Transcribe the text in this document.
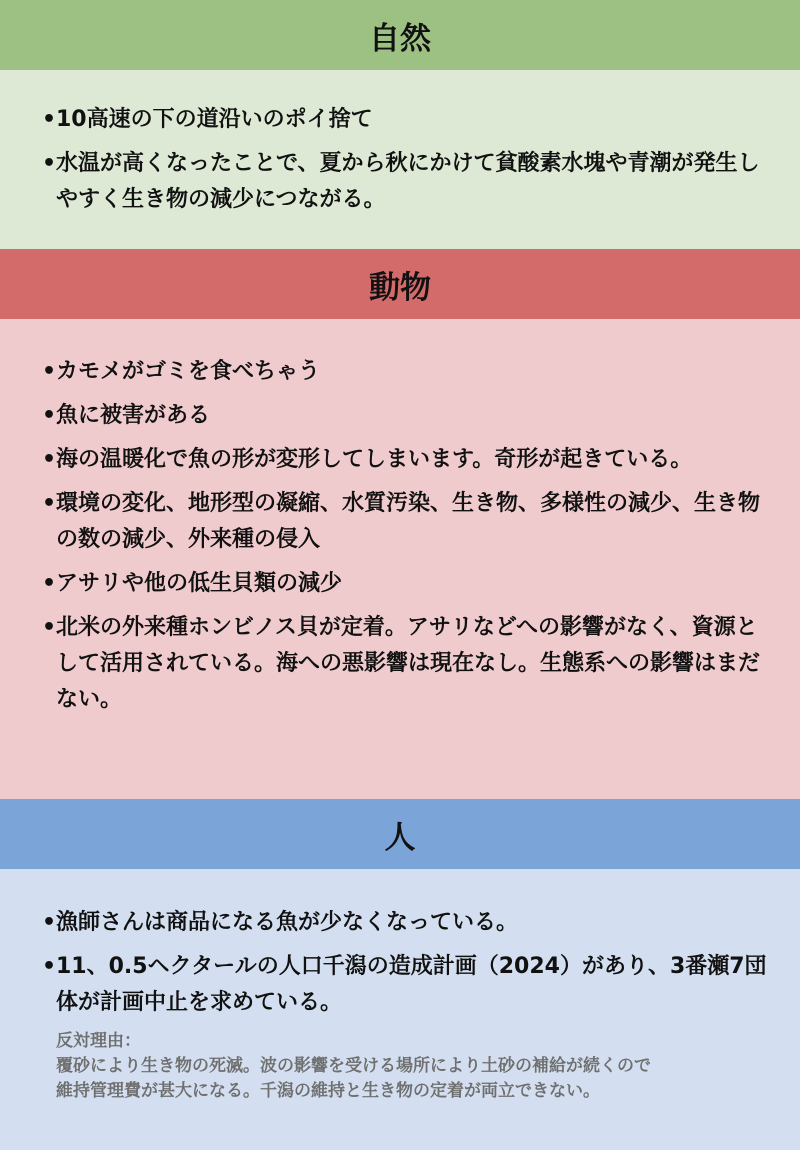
自然
• 10高速の下の道沿いのポイ捨て
• 水温が高くなったことで、夏から秋にかけて貧酸素水塊や青潮が発生しやすく生き物の減少につながる。
動物
• カモメがゴミを食べちゃう
• 魚に被害がある
• 海の温暖化で魚の形が変形してしまいます。奇形が起きている。
• 環境の変化、地形型の凝縮、水質汚染、生き物、多様性の減少、生き物の数の減少、外来種の侵入
• アサリや他の低生貝類の減少
• 北米の外来種ホンビノス貝が定着。アサリなどへの影響がなく、資源として活用されている。海への悪影響は現在なし。生態系への影響はまだない。
人
• 漁師さんは商品になる魚が少なくなっている。
• 11、0.5ヘクタールの人口千潟の造成計画（2024）があり、3番瀬7団体が計画中止を求めている。
反対理由：
覆砂により生き物の死滅。波の影響を受ける場所により土砂の補給が続くので
維持管理費が甚大になる。千潟の維持と生き物の定着が両立できない。
